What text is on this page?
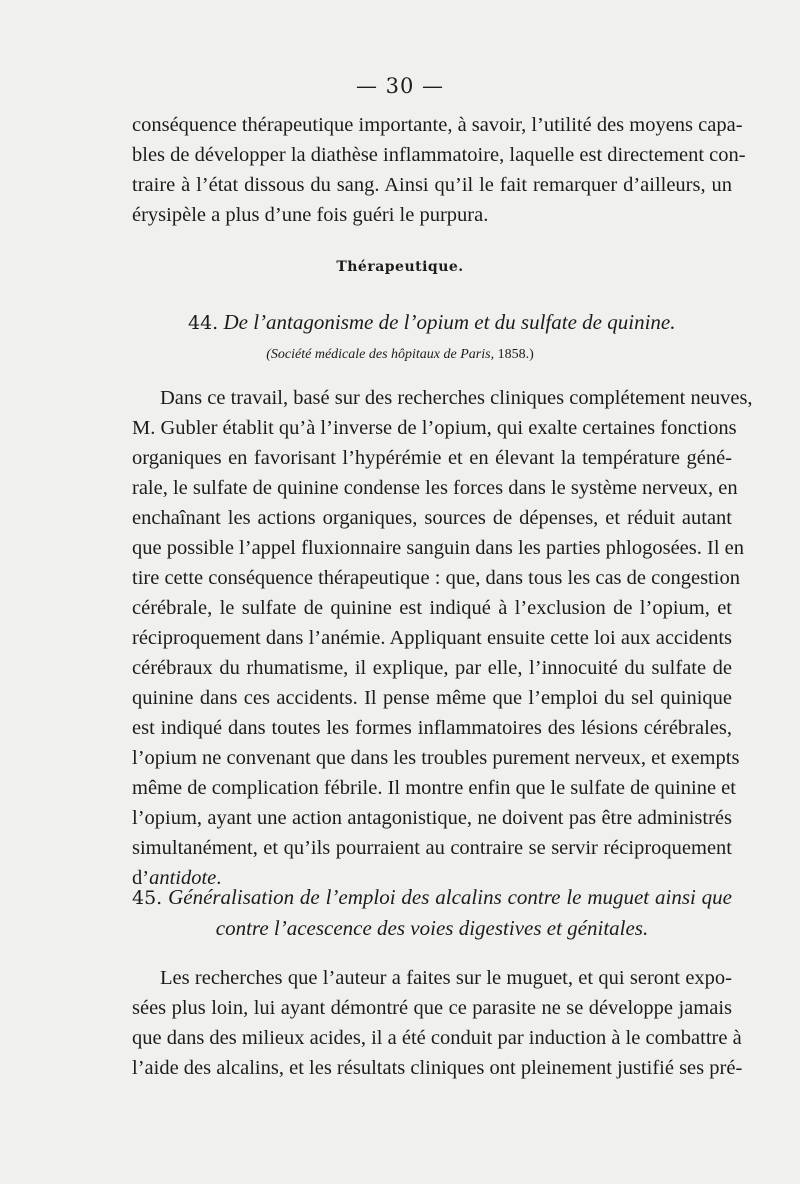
— 30 —
conséquence thérapeutique importante, à savoir, l’utilité des moyens capa-
bles de développer la diathèse inflammatoire, laquelle est directement con-
traire à l’état dissous du sang. Ainsi qu’il le fait remarquer d’ailleurs, un
érysipèle a plus d’une fois guéri le purpura.
Thérapeutique.
44. De l’antagonisme de l’opium et du sulfate de quinine.
(Société médicale des hôpitaux de Paris, 1858.)
Dans ce travail, basé sur des recherches cliniques complétement neuves,
M. Gubler établit qu’à l’inverse de l’opium, qui exalte certaines fonctions
organiques en favorisant l’hypérémie et en élevant la température géné-
rale, le sulfate de quinine condense les forces dans le système nerveux, en
enchaînant les actions organiques, sources de dépenses, et réduit autant
que possible l’appel fluxionnaire sanguin dans les parties phlogosées. Il en
tire cette conséquence thérapeutique : que, dans tous les cas de congestion
cérébrale, le sulfate de quinine est indiqué à l’exclusion de l’opium, et
réciproquement dans l’anémie. Appliquant ensuite cette loi aux accidents
cérébraux du rhumatisme, il explique, par elle, l’innocuité du sulfate de
quinine dans ces accidents. Il pense même que l’emploi du sel quinique
est indiqué dans toutes les formes inflammatoires des lésions cérébrales,
l’opium ne convenant que dans les troubles purement nerveux, et exempts
même de complication fébrile. Il montre enfin que le sulfate de quinine et
l’opium, ayant une action antagonistique, ne doivent pas être administrés
simultanément, et qu’ils pourraient au contraire se servir réciproquement
d’antidote.
45. Généralisation de l’emploi des alcalins contre le muguet ainsi que
contre l’acescence des voies digestives et génitales.
Les recherches que l’auteur a faites sur le muguet, et qui seront expo-
sées plus loin, lui ayant démontré que ce parasite ne se développe jamais
que dans des milieux acides, il a été conduit par induction à le combattre à
l’aide des alcalins, et les résultats cliniques ont pleinement justifié ses pré-
